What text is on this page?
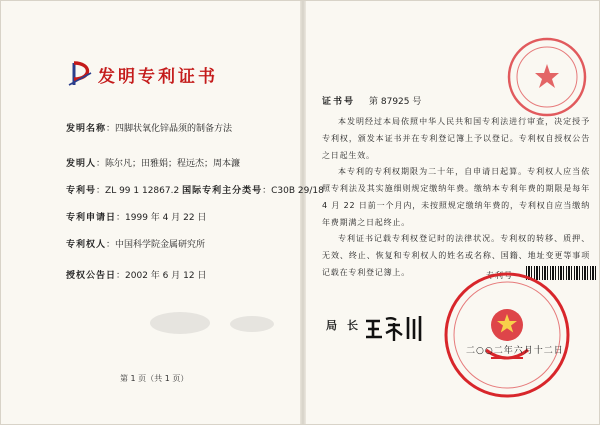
发明专利证书
发明名称：四脚状氧化锌晶须的制备方法
发明人：陈尔凡；田雅娟；程远杰；周本濂
专利号：ZL 99 1 12867.2 国际专利主分类号：C30B 29/18
专利申请日：1999 年 4 月 22 日
专利权人：中国科学院金属研究所
授权公告日：2002 年 6 月 12 日
第 1 页（共 1 页）
证书号 第 87925 号
本发明经过本局依照中华人民共和国专利法进行审查，决定授予专利权，颁发本证书并在专利登记簿上予以登记。专利权自授权公告之日起生效。
本专利的专利权期限为二十年，自申请日起算。专利权人应当依照专利法及其实施细则规定缴纳年费。缴纳本专利年费的期限是每年 4 月 22 日前一个月内，未按照规定缴纳年费的，专利权自应当缴纳年费期满之日起终止。
专利证书记载专利权登记时的法律状况。专利权的转移、质押、无效、终止、恢复和专利权人的姓名或名称、国籍、地址变更等事项记载在专利登记簿上。	专利号
局长
二○○二年六月十二日
